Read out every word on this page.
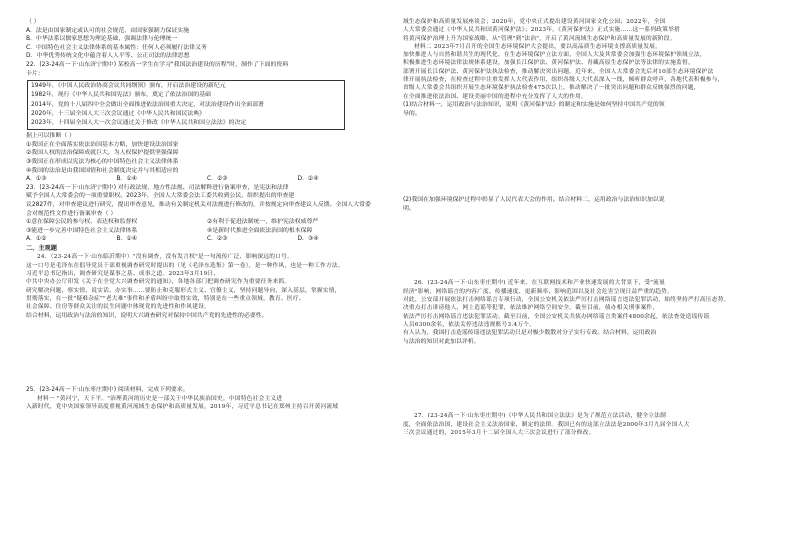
（ ）

A．法是由国家制定或认可的社会规范，由国家强制力保证实施

B．中华法系以儒家思想为理论基础，强调法律与伦理统一

C．中国特色社会主义法律体系的基本属性：任何人必须履行法律义务

D．中华优秀传统文化中蕴含着人人平等、公正司法的法律思想

22．(23-24高一下·山东济宁期中) 某校高一学生在学习"我国法治建设的历程"时，制作了下面的资料

卡片：

1949年，《中国人民政治协商会议共同纲领》颁布，开启法治建设的新纪元

1982年，现行《中华人民共和国宪法》颁布，奠定了依法治国的基础

2014年，党的十八届四中全会做出全面推进依法治国重大决定，对法治建设作出全面部署

2020年，十三届全国人大三次会议通过《中华人民共和国民法典》

2023年，十四届全国人大一次会议通过关于修改《中华人民共和国立法法》的决定

据上可以推断（ ）

①我国正在全面落实依法治国基本方略，加快建设法治国家

②我国人权的法治保障成就巨大，为人权保护提供坚强保障

③我国正在形成以宪法为核心的中国特色社会主义法律体系

④我国的法治是由我国国情和社会制度决定并与其相适应的

A．①③	B．①④	C．②③	D．②④

23．(23-24高一下·山东济宁期中) 对行政法规、地方性法规、司法解释进行备案审查，是宪法和法律

赋予全国人大常委会的一项重要职权。2023年，全国人大常委会法工委共收到公民、组织提出的审查建

议2827件，对审查建议进行研究，提出审查意见，推动有关制定机关对法规进行修改的，并按规定向审查建议人反馈。全国人大常委

会对规范性文件进行备案审查（ ）

①意在保障公民的参与权、表达权和监督权	②有利于促进法制统一，维护宪法权威尊严
③能进一步完善中国特色社会主义法律体系	④是新时代推进全面依法治国的根本保障
A．①②	B．①④	C．②③	D．③④

二、主观题

24．（23-24高一下·山东临沂期中）"没有调查，没有发言权"是一句流传广泛、影响深远的口号。

这一口号是毛泽东在倡导党员干部重视调查研究时提出的（见《毛泽东选集》第一卷），是一种作风，也是一种工作方法。

习近平总书记指出，调查研究是谋事之基、成事之道。2023年3月19日，

中共中央办公厅印发《关于在全党大兴调查研究的通知》，各地各部门把调查研究作为重要任务来抓。

研究解决问题，察实情、说实话、办实事……要防止和克服形式主义、官僚主义，坚持问题导向，深入基层，掌握实情，

贯彻落实，在一批"疑难杂症""老大难"事件和矛盾纠纷中取得实效，特别是在一些重点领域，教育、医疗、

社会保障、住房等群众关注的民生问题中体现党的先进性和作风建设。

结合材料，运用政治与法治的知识，说明大兴调查研究对保持中国共产党的先进性的必要性。

25．(23-24高一下·山东枣庄期中) 阅读材料，完成下列要求。

材料一 "黄河宁，天下平。"治理黄河的历史是一部关于中华民族治国史。中国特色社会主义进

入新时代，党中央国家领导高度重视黄河流域生态保护和高质量发展，2019年，习近平总书记在郑州主持召开黄河流域

域生态保护和高质量发展座谈会；2020年，党中央正式提出建设黄河国家文化公园；2022年，全国

人大常委会通过《中华人民共和国黄河保护法》；2023年，《黄河保护法》正式实施……这一系列政策举措

将黄河保护治理上升为国家战略，从"管理"到"法治"，开启了黄河流域生态保护和高质量发展的新阶段。

材料二 2023年7月召开的全国生态环境保护大会提出，要以高品质生态环境支撑高质量发展，

加快推进人与自然和谐共生的现代化。在生态环境保护立法方面，全国人大及其常委会加强生态环境保护领域立法，

积极推进生态环境法律法规体系建设，加强长江保护法、黄河保护法、青藏高原生态保护法等法律的实施监督，

部署开展长江保护法、黄河保护法执法检查，推动解决突出问题。近年来，全国人大常委会先后对10部生态环境保护法

律开展执法检查，在检查过程中注重发挥人大代表作用，组织各级人大代表深入一线，倾听群众呼声，各地代表积极参与，

省级人大常委会共组织开展生态环境保护执法检查475次以上，推动解决了一批突出问题和群众反映强烈的问题，

在全面推进依法治国、建设美丽中国的进程中充分发挥了人大的作用。

(1)结合材料一，运用政治与法治知识，说明《黄河保护法》的制定和实施是如何坚持中国共产党的领

导的。

(2)我国在加强环境保护过程中彰显了人民代表大会的作用。结合材料二，运用政治与法治知识加以说

明。

26．(23-24高一下·山东枣庄期中) 近年来，在互联网技术和产业快速发展的大背景下，受"流量

经济"影响，网络谣言的内容广度、传播速度、更新频率、影响范围以及社会危害呈现日益严重的趋势。

对此，公安部开展依法打击网络谣言专项行动，全国公安机关依法严厉打击网络谣言违法犯罪活动，始终坚持严打高压态势。

决重点打击诽谤他人、网上造谣等犯罪，依法维护网络空间安全。截至目前，侦办相关刑事案件，

依法严厉打击网络谣言违法犯罪活动。截至目前，全国公安机关共侦办网络谣言类案件4800余起，依法查处造谣传谣

人员6300余名，依法关停违法违规账号3.4万个。

有人认为，我国打击造谣传谣违法犯罪活动只是对极少数散对分子实行专政。结合材料，运用政治

与法治的知识对此加以评析。

27．(23-24高一下·山东枣庄期中)《中华人民共和国立法法》是为了规范立法活动，健全立法制

度，全面依法治国，建设社会主义法治国家，制定的法律。我国已有的这部立法法是2000年3月九届全国人大

三次会议通过的，2015年3月十二届全国人大三次会议进行了部分修改。
